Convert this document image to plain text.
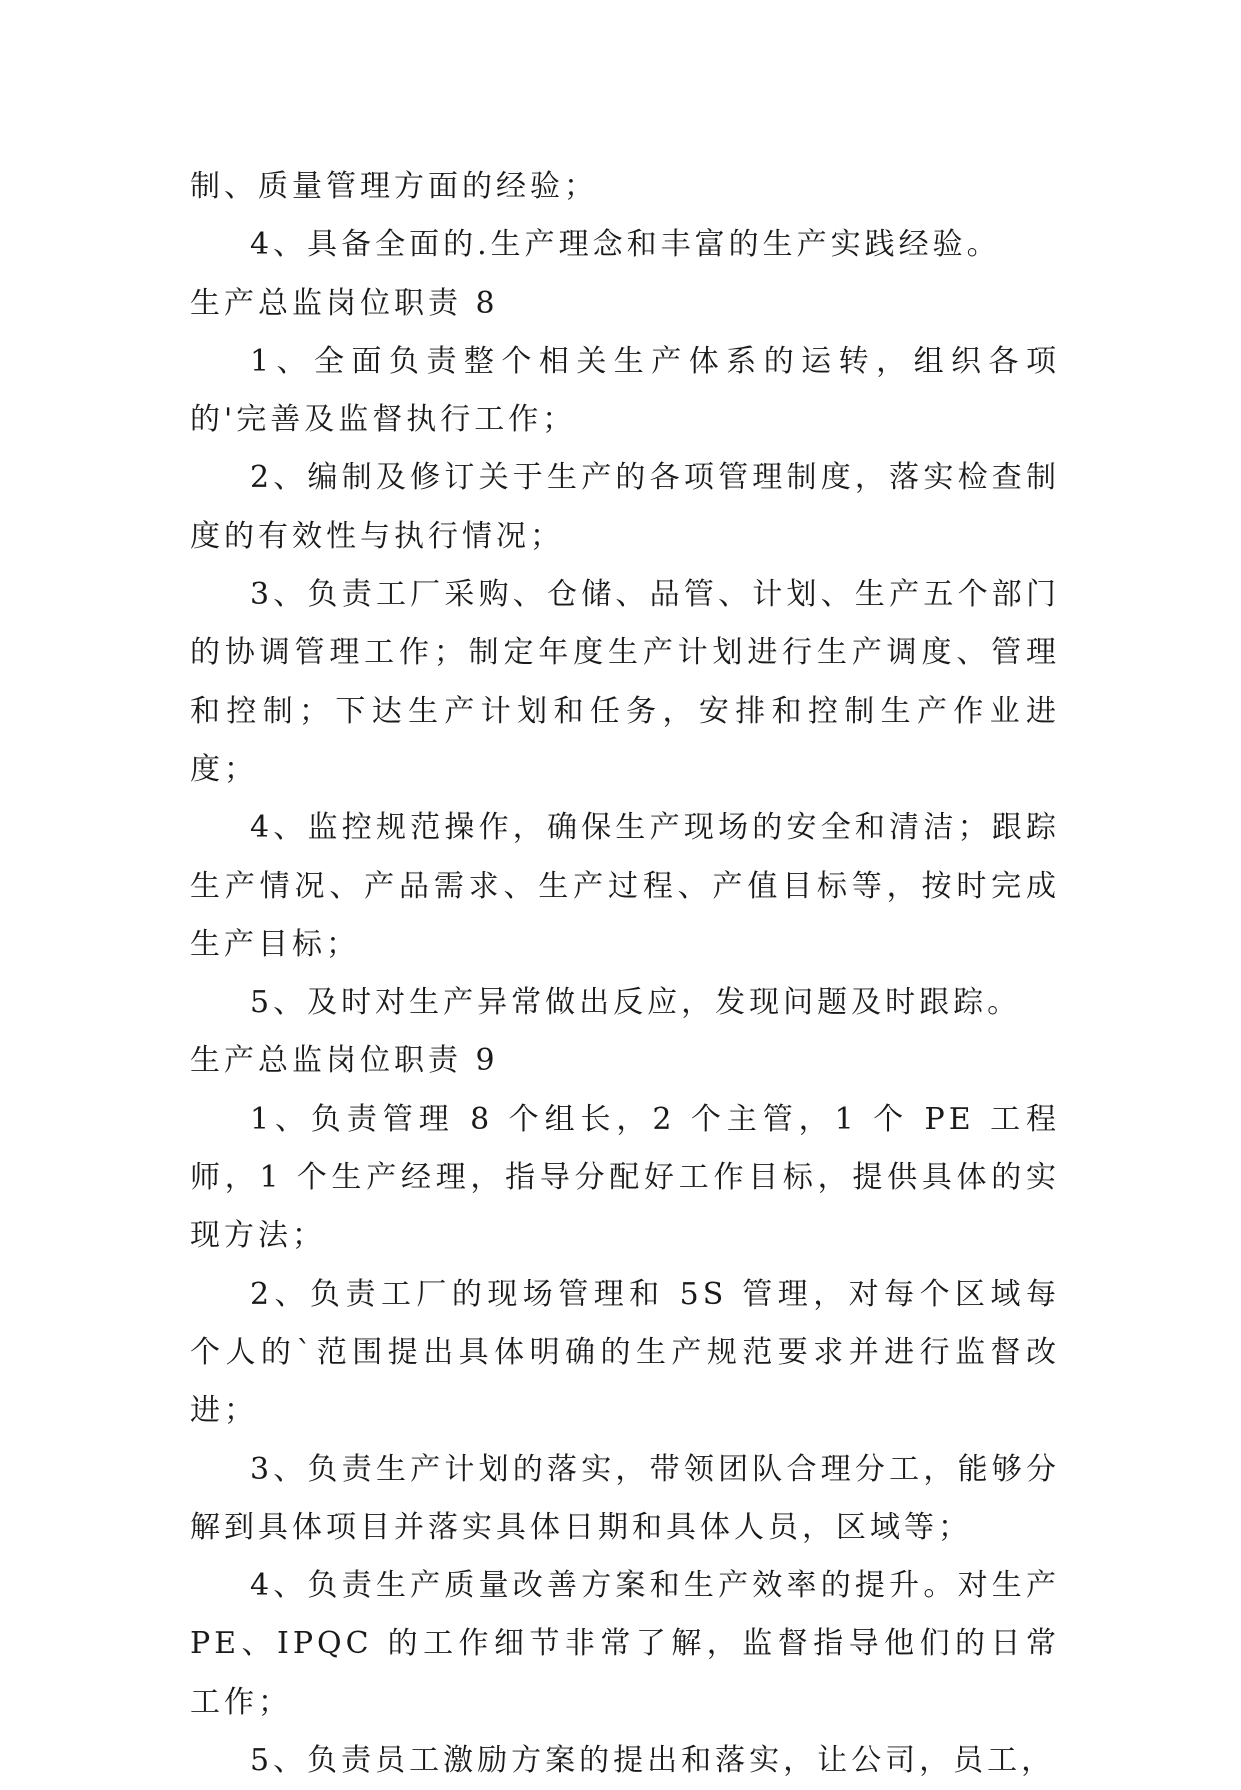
制、质量管理方面的经验；

4、具备全面的.生产理念和丰富的生产实践经验。

生产总监岗位职责 8

1、全面负责整个相关生产体系的运转，组织各项的'完善及监督执行工作；

2、编制及修订关于生产的各项管理制度，落实检查制度的有效性与执行情况；

3、负责工厂采购、仓储、品管、计划、生产五个部门的协调管理工作；制定年度生产计划进行生产调度、管理和控制；下达生产计划和任务，安排和控制生产作业进度；

4、监控规范操作，确保生产现场的安全和清洁；跟踪生产情况、产品需求、生产过程、产值目标等，按时完成生产目标；

5、及时对生产异常做出反应，发现问题及时跟踪。

生产总监岗位职责 9

1、负责管理 8 个组长，2 个主管，1 个 PE 工程师，1 个生产经理，指导分配好工作目标，提供具体的实现方法；

2、负责工厂的现场管理和 5S 管理，对每个区域每个人的`范围提出具体明确的生产规范要求并进行监督改进；

3、负责生产计划的落实，带领团队合理分工，能够分解到具体项目并落实具体日期和具体人员，区域等；

4、负责生产质量改善方案和生产效率的提升。对生产PE、IPQC 的工作细节非常了解，监督指导他们的日常工作；

5、负责员工激励方案的提出和落实，让公司，员工，
